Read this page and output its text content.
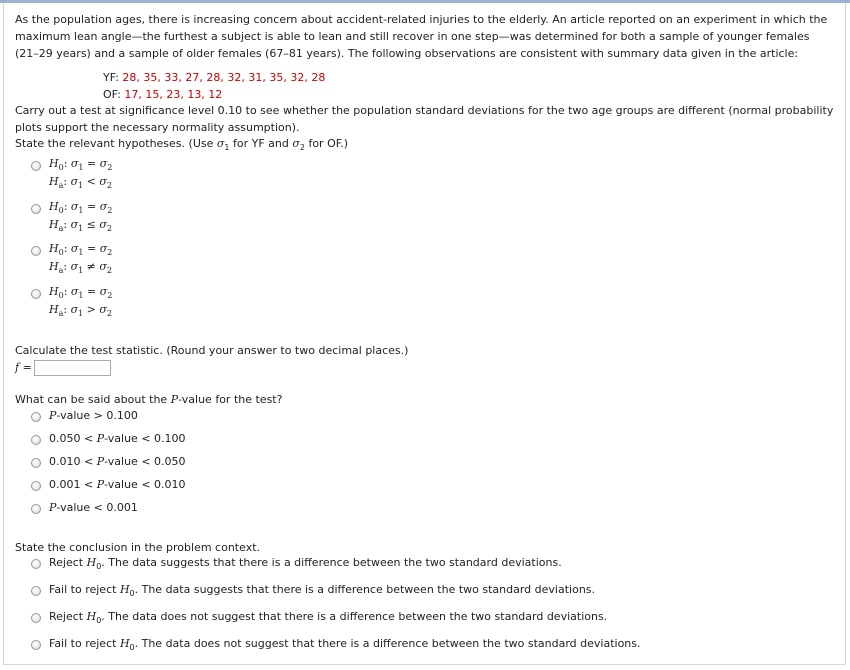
As the population ages, there is increasing concern about accident-related injuries to the elderly. An article reported on an experiment in which the maximum lean angle—the furthest a subject is able to lean and still recover in one step—was determined for both a sample of younger females (21–29 years) and a sample of older females (67–81 years). The following observations are consistent with summary data given in the article:
YF: 28, 35, 33, 27, 28, 32, 31, 35, 32, 28
OF: 17, 15, 23, 13, 12
Carry out a test at significance level 0.10 to see whether the population standard deviations for the two age groups are different (normal probability plots support the necessary normality assumption).
State the relevant hypotheses. (Use $\sigma_1$ for YF and $\sigma_2$ for OF.)
$H_0$: $\sigma_1 = \sigma_2$
$H_a$: $\sigma_1 < \sigma_2$
$H_0$: $\sigma_1 = \sigma_2$
$H_a$: $\sigma_1 \le \sigma_2$
$H_0$: $\sigma_1 = \sigma_2$
$H_a$: $\sigma_1 \ne \sigma_2$
$H_0$: $\sigma_1 = \sigma_2$
$H_a$: $\sigma_1 > \sigma_2$
Calculate the test statistic. (Round your answer to two decimal places.)
f =
What can be said about the P-value for the test?
P-value > 0.100
0.050 < P-value < 0.100
0.010 < P-value < 0.050
0.001 < P-value < 0.010
P-value < 0.001
State the conclusion in the problem context.
Reject $H_0$. The data suggests that there is a difference between the two standard deviations.
Fail to reject $H_0$. The data suggests that there is a difference between the two standard deviations.
Reject $H_0$. The data does not suggest that there is a difference between the two standard deviations.
Fail to reject $H_0$. The data does not suggest that there is a difference between the two standard deviations.
